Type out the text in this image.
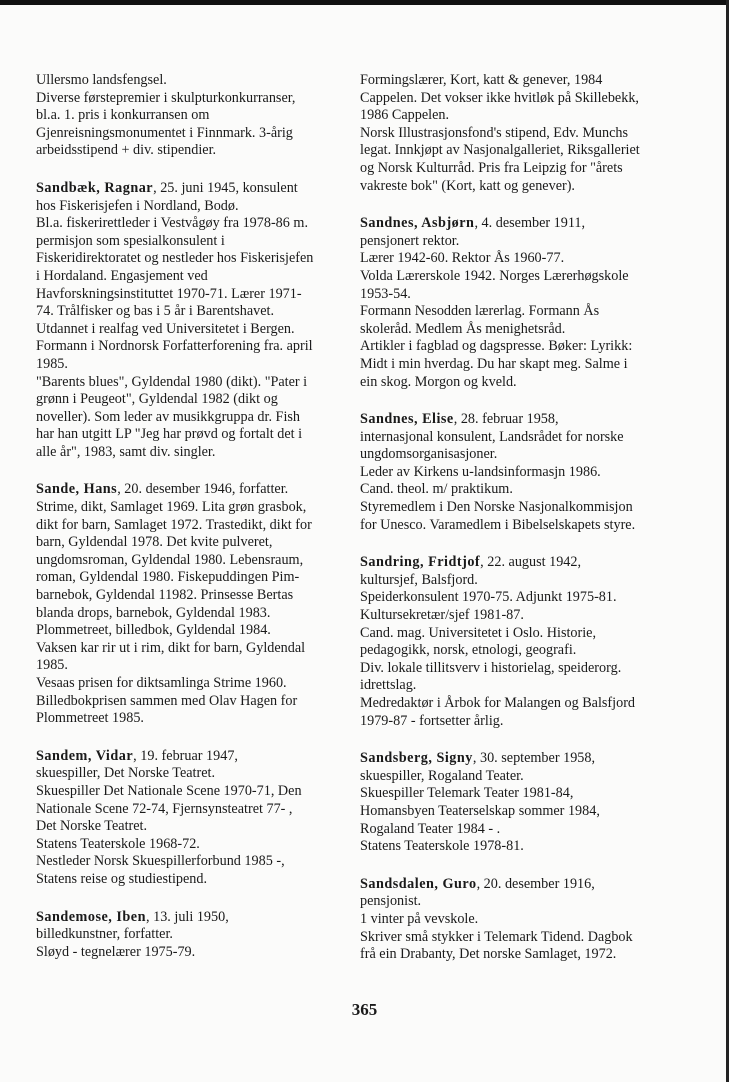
Ullersmo landsfengsel.
Diverse førstepremier i skulpturkonkurranser,
bl.a. 1. pris i konkurransen om
Gjenreisningsmonumentet i Finnmark. 3-årig
arbeidsstipend + div. stipendier.
Sandbæk, Ragnar, 25. juni 1945, konsulent
hos Fiskerisjefen i Nordland, Bodø.
Bl.a. fiskerirettleder i Vestvågøy fra 1978-86 m.
permisjon som spesialkonsulent i
Fiskeridirektoratet og nestleder hos Fiskerisjefen
i Hordaland. Engasjement ved
Havforskningsinstituttet 1970-71. Lærer 1971-
74. Trålfisker og bas i 5 år i Barentshavet.
Utdannet i realfag ved Universitetet i Bergen.
Formann i Nordnorsk Forfatterforening fra. april
1985.
"Barents blues", Gyldendal 1980 (dikt). "Pater i
grønn i Peugeot", Gyldendal 1982 (dikt og
noveller). Som leder av musikkgruppa dr. Fish
har han utgitt LP "Jeg har prøvd og fortalt det i
alle år", 1983, samt div. singler.
Sande, Hans, 20. desember 1946, forfatter.
Strime, dikt, Samlaget 1969. Lita grøn grasbok,
dikt for barn, Samlaget 1972. Trastedikt, dikt for
barn, Gyldendal 1978. Det kvite pulveret,
ungdomsroman, Gyldendal 1980. Lebensraum,
roman, Gyldendal 1980. Fiskepuddingen Pim-
barnebok, Gyldendal 11982. Prinsesse Bertas
blanda drops, barnebok, Gyldendal 1983.
Plommetreet, billedbok, Gyldendal 1984.
Vaksen kar rir ut i rim, dikt for barn, Gyldendal
1985.
Vesaas prisen for diktsamlinga Strime 1960.
Billedbokprisen sammen med Olav Hagen for
Plommetreet 1985.
Sandem, Vidar, 19. februar 1947,
skuespiller, Det Norske Teatret.
Skuespiller Det Nationale Scene 1970-71, Den
Nationale Scene 72-74, Fjernsynsteatret 77- ,
Det Norske Teatret.
Statens Teaterskole 1968-72.
Nestleder Norsk Skuespillerforbund 1985 -,
Statens reise og studiestipend.
Sandemose, Iben, 13. juli 1950,
billedkunstner, forfatter.
Sløyd - tegnelærer 1975-79.
Formingslærer, Kort, katt & genever, 1984
Cappelen. Det vokser ikke hvitløk på Skillebekk,
1986 Cappelen.
Norsk Illustrasjonsfond's stipend, Edv. Munchs
legat. Innkjøpt av Nasjonalgalleriet, Riksgalleriet
og Norsk Kulturråd. Pris fra Leipzig for "årets
vakreste bok" (Kort, katt og genever).
Sandnes, Asbjørn, 4. desember 1911,
pensjonert rektor.
Lærer 1942-60. Rektor Ås 1960-77.
Volda Lærerskole 1942. Norges Lærerhøgskole
1953-54.
Formann Nesodden lærerlag. Formann Ås
skoleråd. Medlem Ås menighetsråd.
Artikler i fagblad og dagspresse. Bøker: Lyrikk:
Midt i min hverdag. Du har skapt meg. Salme i
ein skog. Morgon og kveld.
Sandnes, Elise, 28. februar 1958,
internasjonal konsulent, Landsrådet for norske
ungdomsorganisasjoner.
Leder av Kirkens u-landsinformasjn 1986.
Cand. theol. m/ praktikum.
Styremedlem i Den Norske Nasjonalkommisjon
for Unesco. Varamedlem i Bibelselskapets styre.
Sandring, Fridtjof, 22. august 1942,
kultursjef, Balsfjord.
Speiderkonsulent 1970-75. Adjunkt 1975-81.
Kultursekretær/sjef 1981-87.
Cand. mag. Universitetet i Oslo. Historie,
pedagogikk, norsk, etnologi, geografi.
Div. lokale tillitsverv i historielag, speiderorg.
idrettslag.
Medredaktør i Årbok for Malangen og Balsfjord
1979-87 - fortsetter årlig.
Sandsberg, Signy, 30. september 1958,
skuespiller, Rogaland Teater.
Skuespiller Telemark Teater 1981-84,
Homansbyen Teaterselskap sommer 1984,
Rogaland Teater 1984 - .
Statens Teaterskole 1978-81.
Sandsdalen, Guro, 20. desember 1916,
pensjonist.
1 vinter på vevskole.
Skriver små stykker i Telemark Tidend. Dagbok
frå ein Drabanty, Det norske Samlaget, 1972.
365
